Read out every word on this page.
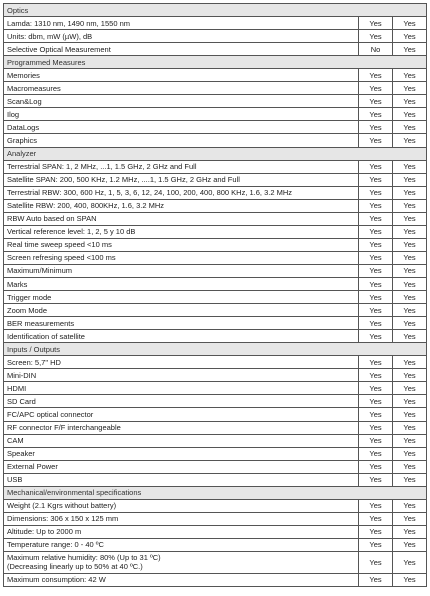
Optics		
Lamda: 1310 nm, 1490 nm, 1550 nm	Yes	Yes
Units: dbm, mW (µW), dB	Yes	Yes
Selective Optical Measurement	No	Yes
Programmed Measures		
Memories	Yes	Yes
Macromeasures	Yes	Yes
Scan&Log	Yes	Yes
Ilog	Yes	Yes
DataLogs	Yes	Yes
Graphics	Yes	Yes
Analyzer		
Terrestrial SPAN: 1, 2 MHz, ...1, 1.5 GHz, 2 GHz and Full	Yes	Yes
Satellite SPAN: 200, 500 KHz, 1.2 MHz, ....1, 1.5 GHz, 2 GHz and Full	Yes	Yes
Terrestrial RBW: 300, 600 Hz, 1, 5, 3, 6, 12, 24, 100, 200, 400, 800 KHz, 1.6, 3.2 MHz	Yes	Yes
Satellite RBW: 200, 400, 800KHz, 1.6, 3.2 MHz	Yes	Yes
RBW Auto based on SPAN	Yes	Yes
Vertical reference level: 1, 2, 5 y 10 dB	Yes	Yes
Real time sweep speed <10 ms	Yes	Yes
Screen refresing speed <100 ms	Yes	Yes
Maximum/Minimum	Yes	Yes
Marks	Yes	Yes
Trigger mode	Yes	Yes
Zoom Mode	Yes	Yes
BER measurements	Yes	Yes
Identification of satellite	Yes	Yes
Inputs / Outputs		
Screen: 5,7" HD	Yes	Yes
Mini-DIN	Yes	Yes
HDMI	Yes	Yes
SD Card	Yes	Yes
FC/APC optical connector	Yes	Yes
RF connector F/F interchangeable	Yes	Yes
CAM	Yes	Yes
Speaker	Yes	Yes
External Power	Yes	Yes
USB	Yes	Yes
Mechanical/environmental specifications		
Weight (2.1 Kgrs without battery)	Yes	Yes
Dimensions: 306 x 150 x 125 mm	Yes	Yes
Altitude: Up to 2000 m	Yes	Yes
Temperature range: 0 - 40 ºC	Yes	Yes
Maximum relative humidity: 80% (Up to 31 ºC)
(Decreasing linearly up to 50% at 40 ºC.)	Yes	Yes
Maximum consumption: 42 W	Yes	Yes
